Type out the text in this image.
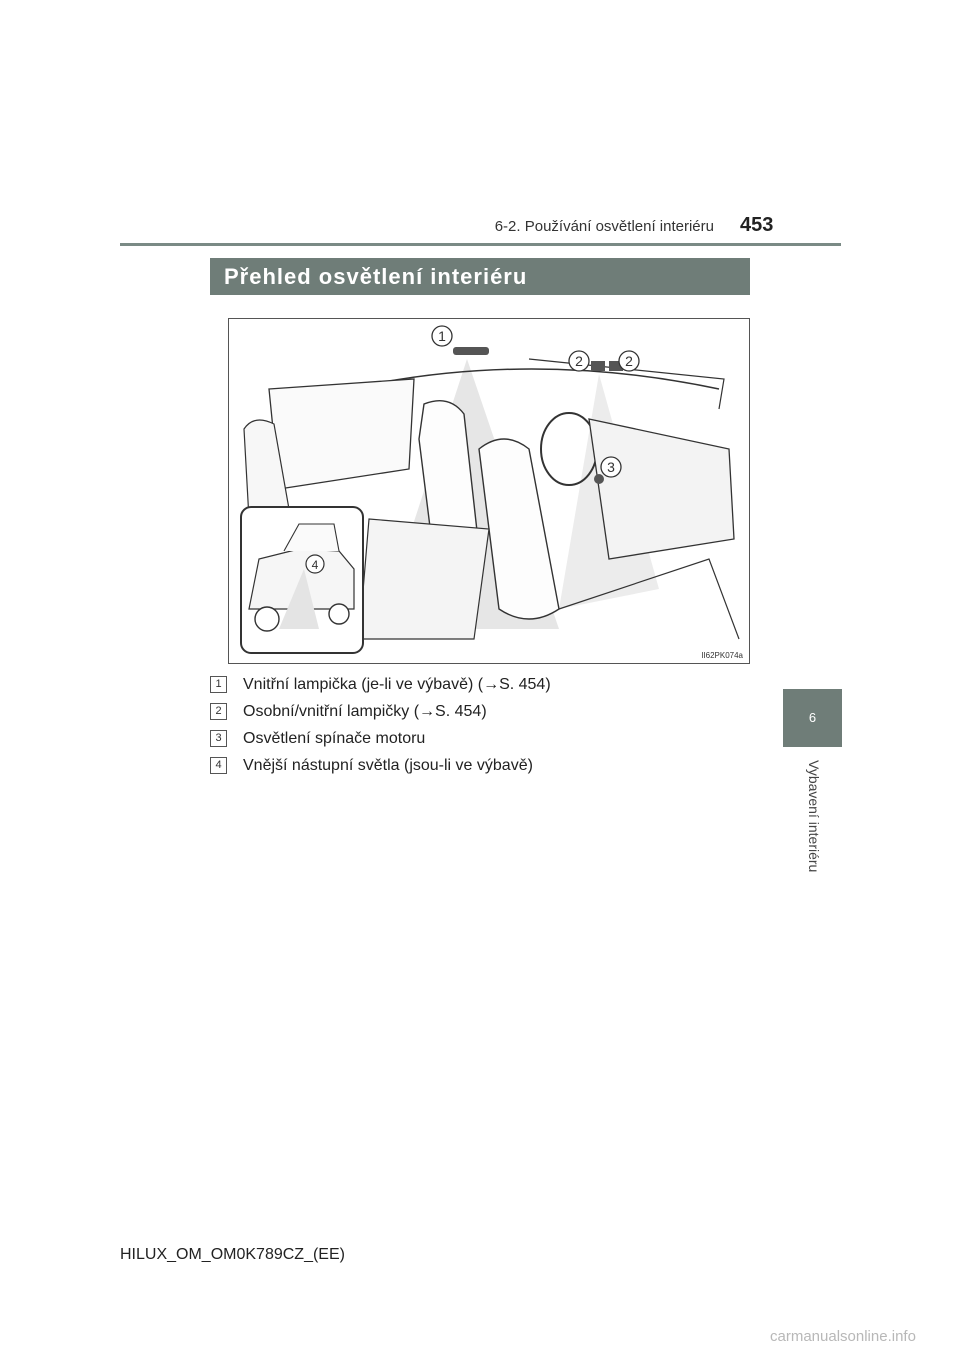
6-2. Používání osvětlení interiéru 453
Přehled osvětlení interiéru
6
Vybavení interiéru
1
2	2
3
4
II62PK074a
1	Vnitřní lampička (je-li ve výbavě) (→S. 454)
2	Osobní/vnitřní lampičky (→S. 454)
3	Osvětlení spínače motoru
4	Vnější nástupní světla (jsou-li ve výbavě)
HILUX_OM_OM0K789CZ_(EE)
carmanualsonline.info
